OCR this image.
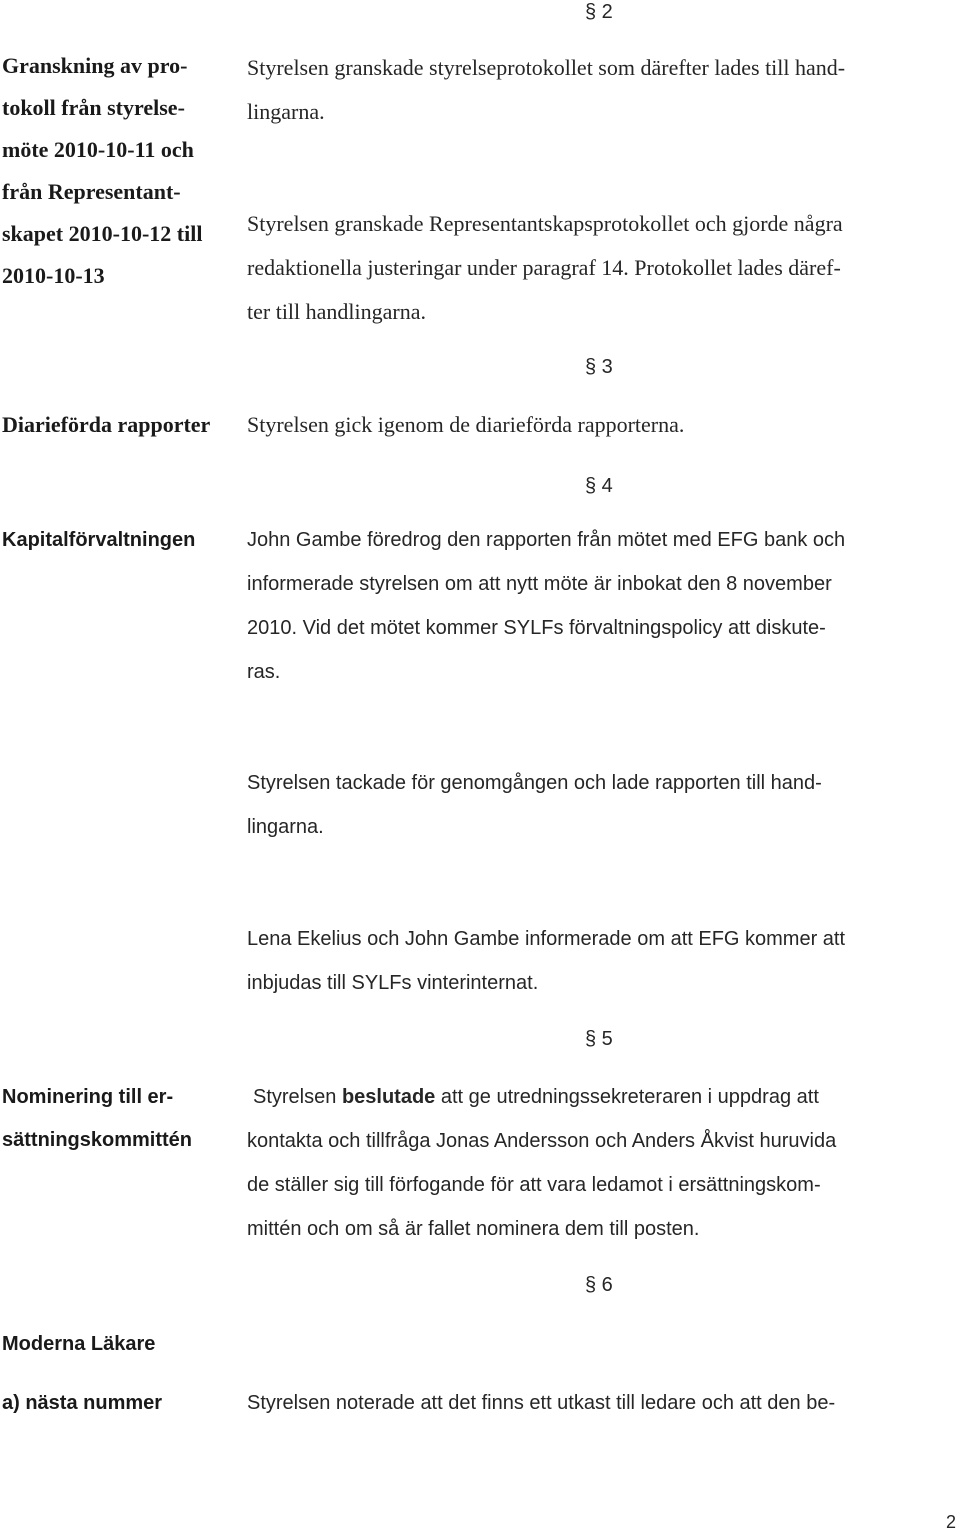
§ 2
Granskning av pro-
tokoll från styrelse-
möte 2010-10-11 och
från Representant-
skapet 2010-10-12 till
2010-10-13
Styrelsen granskade styrelseprotokollet som därefter lades till hand-
lingarna.
Styrelsen granskade Representantskapsprotokollet och gjorde några
redaktionella justeringar under paragraf 14. Protokollet lades däref-
ter till handlingarna.
§ 3
Diarieförda rapporter Styrelsen gick igenom de diarieförda rapporterna.
§ 4
Kapitalförvaltningen	John Gambe föredrog den rapporten från mötet med EFG bank och
informerade styrelsen om att nytt möte är inbokat den 8 november
2010. Vid det mötet kommer SYLFs förvaltningspolicy att diskute-
ras.
Styrelsen tackade för genomgången och lade rapporten till hand-
lingarna.
Lena Ekelius och John Gambe informerade om att EFG kommer att
inbjudas till SYLFs vinterinternat.
§ 5
Nominering till er-
sättningskommittén
Styrelsen beslutade att ge utredningssekreteraren i uppdrag att
kontakta och tillfråga Jonas Andersson och Anders Åkvist huruvida
de ställer sig till förfogande för att vara ledamot i ersättningskom-
mittén och om så är fallet nominera dem till posten.
§ 6
Moderna Läkare
a) nästa nummer	Styrelsen noterade att det finns ett utkast till ledare och att den be-
2
